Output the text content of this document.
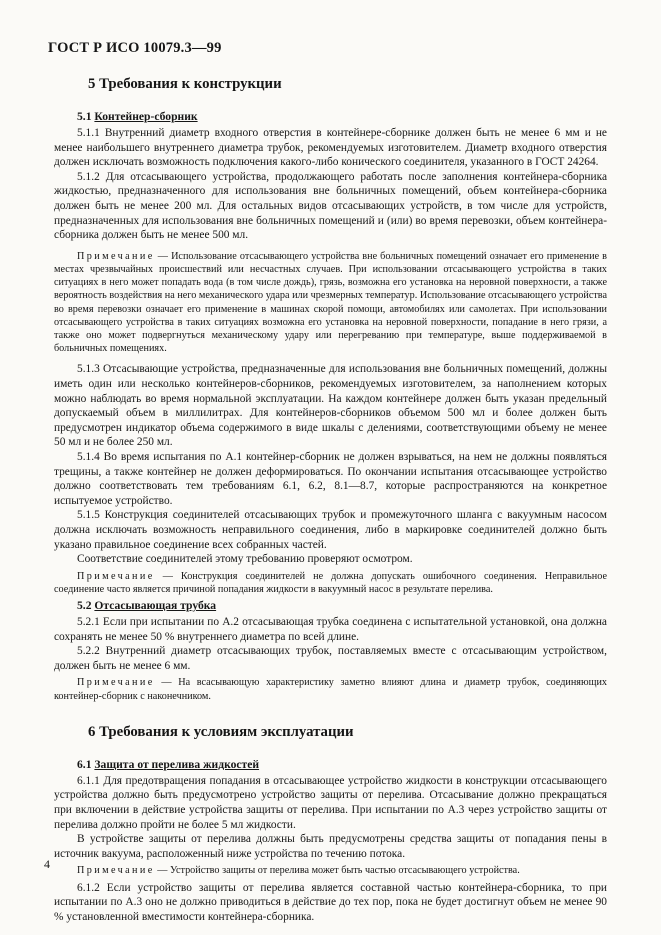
ГОСТ Р ИСО 10079.3—99
5 Требования к конструкции
5.1 Контейнер-сборник

5.1.1 Внутренний диаметр входного отверстия в контейнере-сборнике должен быть не менее 6 мм и не менее наибольшего внутреннего диаметра трубок, рекомендуемых изготовителем. Диаметр входного отверстия должен исключать возможность подключения какого-либо конического соединителя, указанного в ГОСТ 24264.

5.1.2 Для отсасывающего устройства, продолжающего работать после заполнения контейнера-сборника жидкостью, предназначенного для использования вне больничных помещений, объем контейнера-сборника должен быть не менее 200 мл. Для остальных видов отсасывающих устройств, в том числе для устройств, предназначенных для использования вне больничных помещений и (или) во время перевозки, объем контейнера-сборника должен быть не менее 500 мл.

Примечание — Использование отсасывающего устройства вне больничных помещений означает его применение в местах чрезвычайных происшествий или несчастных случаев. При использовании отсасывающего устройства в таких ситуациях в него может попадать вода (в том числе дождь), грязь, возможна его установка на неровной поверхности, а также вероятность воздействия на него механического удара или чрезмерных температур. Использование отсасывающего устройства во время перевозки означает его применение в машинах скорой помощи, автомобилях или самолетах. При использовании отсасывающего устройства в таких ситуациях возможна его установка на неровной поверхности, попадание в него грязи, а также оно может подвергнуться механическому удару или перегреванию при температуре, выше поддерживаемой в больничных помещениях.

5.1.3 Отсасывающие устройства, предназначенные для использования вне больничных помещений, должны иметь один или несколько контейнеров-сборников, рекомендуемых изготовителем, за наполнением которых можно наблюдать во время нормальной эксплуатации. На каждом контейнере должен быть указан предельный допускаемый объем в миллилитрах. Для контейнеров-сборников объемом 500 мл и более должен быть предусмотрен индикатор объема содержимого в виде шкалы с делениями, соответствующими объему не менее 50 мл и не более 250 мл.

5.1.4 Во время испытания по А.1 контейнер-сборник не должен взрываться, на нем не должны появляться трещины, а также контейнер не должен деформироваться. По окончании испытания отсасывающее устройство должно соответствовать тем требованиям 6.1, 6.2, 8.1—8.7, которые распространяются на конкретное испытуемое устройство.

5.1.5 Конструкция соединителей отсасывающих трубок и промежуточного шланга с вакуумным насосом должна исключать возможность неправильного соединения, либо в маркировке соединителей должно быть указано правильное соединение всех собранных частей.

Соответствие соединителей этому требованию проверяют осмотром.

Примечание — Конструкция соединителей не должна допускать ошибочного соединения. Неправильное соединение часто является причиной попадания жидкости в вакуумный насос в результате перелива.

5.2 Отсасывающая трубка

5.2.1 Если при испытании по А.2 отсасывающая трубка соединена с испытательной установкой, она должна сохранять не менее 50 % внутреннего диаметра по всей длине.

5.2.2 Внутренний диаметр отсасывающих трубок, поставляемых вместе с отсасывающим устройством, должен быть не менее 6 мм.

Примечание — На всасывающую характеристику заметно влияют длина и диаметр трубок, соединяющих контейнер-сборник с наконечником.

6 Требования к условиям эксплуатации
6.1 Защита от перелива жидкостей

6.1.1 Для предотвращения попадания в отсасывающее устройство жидкости в конструкции отсасывающего устройства должно быть предусмотрено устройство защиты от перелива. Отсасывание должно прекращаться при включении в действие устройства защиты от перелива. При испытании по А.3 через устройство защиты от перелива должно пройти не более 5 мл жидкости.

В устройстве защиты от перелива должны быть предусмотрены средства защиты от попадания пены в источник вакуума, расположенный ниже устройства по течению потока.

Примечание — Устройство защиты от перелива может быть частью отсасывающего устройства.

6.1.2 Если устройство защиты от перелива является составной частью контейнера-сборника, то при испытании по А.3 оно не должно приводиться в действие до тех пор, пока не будет достигнут объем не менее 90 % установленной вместимости контейнера-сборника.

4
